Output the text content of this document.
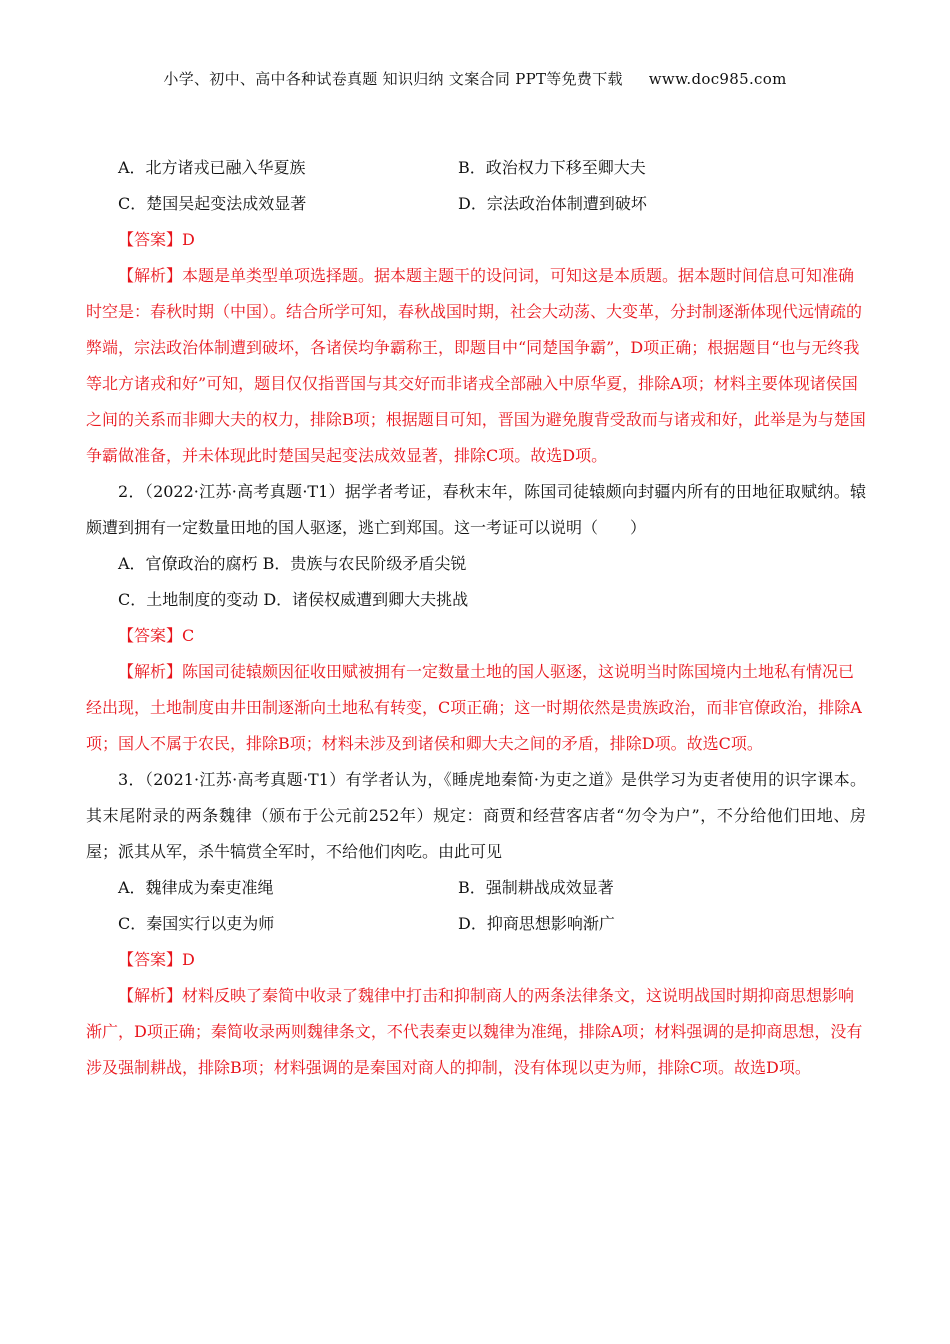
小学、初中、高中各种试卷真题 知识归纳 文案合同 PPT等免费下载 www.doc985.com
A．北方诸戎已融入华夏族	B．政治权力下移至卿大夫
C．楚国吴起变法成效显著	D．宗法政治体制遭到破坏
【答案】D
【解析】本题是单类型单项选择题。据本题主题干的设问词，可知这是本质题。据本题时间信息可知准确时空是：春秋时期（中国）。结合所学可知，春秋战国时期，社会大动荡、大变革，分封制逐渐体现代远情疏的弊端，宗法政治体制遭到破坏，各诸侯均争霸称王，即题目中“同楚国争霸”，D项正确；根据题目“也与无终我等北方诸戎和好”可知，题目仅仅指晋国与其交好而非诸戎全部融入中原华夏，排除A项；材料主要体现诸侯国之间的关系而非卿大夫的权力，排除B项；根据题目可知，晋国为避免腹背受敌而与诸戎和好，此举是为与楚国争霸做准备，并未体现此时楚国吴起变法成效显著，排除C项。故选D项。
2．（2022·江苏·高考真题·T1）据学者考证，春秋末年，陈国司徒辕颇向封疆内所有的田地征取赋纳。辕颇遭到拥有一定数量田地的国人驱逐，逃亡到郑国。这一考证可以说明（　　）
A．官僚政治的腐朽 B．贵族与农民阶级矛盾尖锐
C．土地制度的变动 D．诸侯权威遭到卿大夫挑战
【答案】C
【解析】陈国司徒辕颇因征收田赋被拥有一定数量土地的国人驱逐，这说明当时陈国境内土地私有情况已经出现，土地制度由井田制逐渐向土地私有转变，C项正确；这一时期依然是贵族政治，而非官僚政治，排除A项；国人不属于农民，排除B项；材料未涉及到诸侯和卿大夫之间的矛盾，排除D项。故选C项。
3．（2021·江苏·高考真题·T1）有学者认为，《睡虎地秦简·为吏之道》是供学习为吏者使用的识字课本。其末尾附录的两条魏律（颁布于公元前252年）规定：商贾和经营客店者“勿令为户”，不分给他们田地、房屋；派其从军，杀牛犒赏全军时，不给他们肉吃。由此可见
A．魏律成为秦吏准绳	B．强制耕战成效显著
C．秦国实行以吏为师	D．抑商思想影响渐广
【答案】D
【解析】材料反映了秦简中收录了魏律中打击和抑制商人的两条法律条文，这说明战国时期抑商思想影响渐广，D项正确；秦简收录两则魏律条文，不代表秦吏以魏律为准绳，排除A项；材料强调的是抑商思想，没有涉及强制耕战，排除B项；材料强调的是秦国对商人的抑制，没有体现以吏为师，排除C项。故选D项。
